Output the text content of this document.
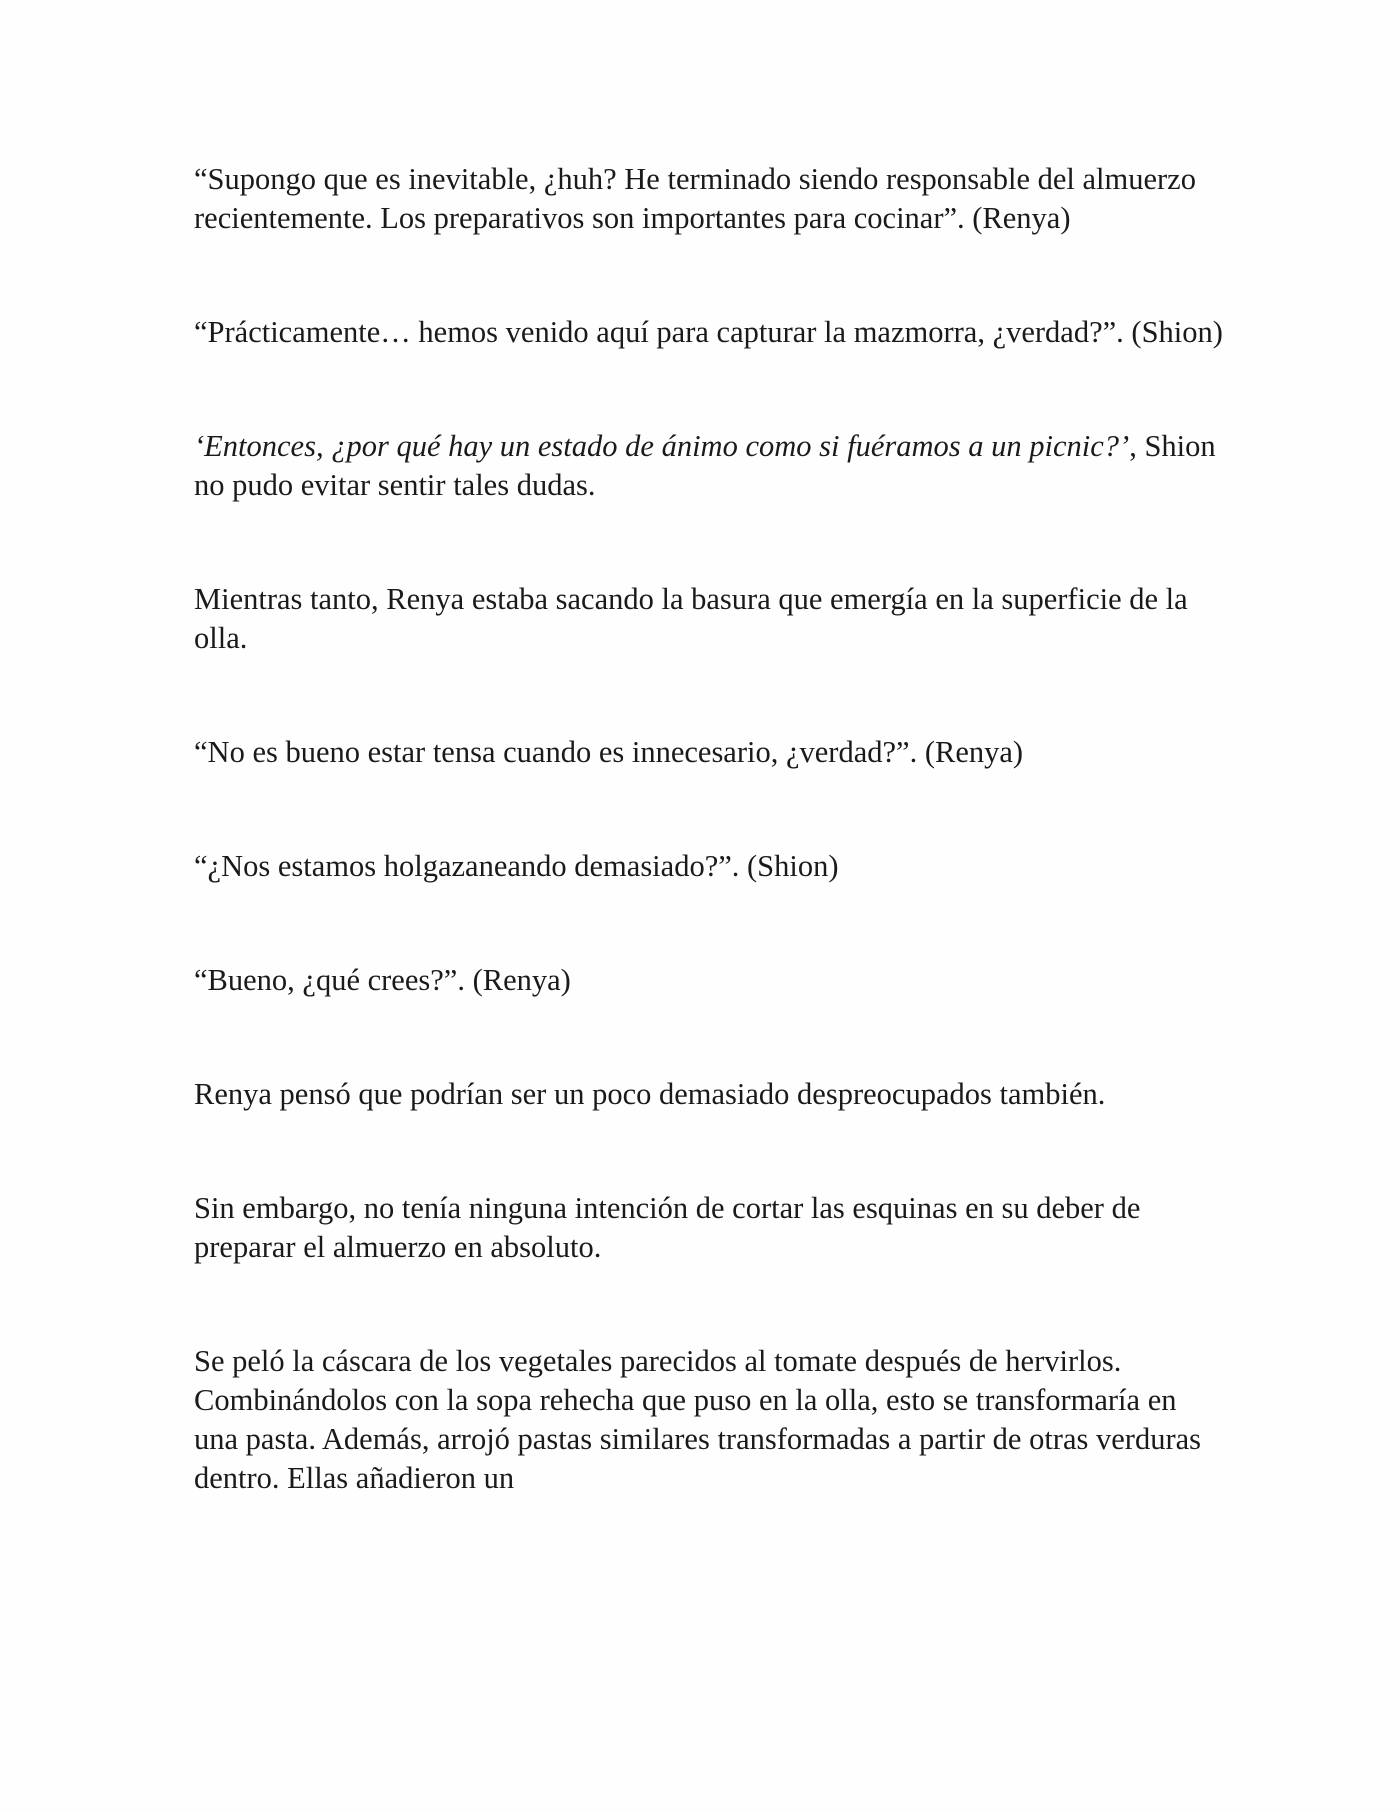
“Supongo que es inevitable, ¿huh? He terminado siendo responsable del almuerzo recientemente. Los preparativos son importantes para cocinar”. (Renya)

“Prácticamente… hemos venido aquí para capturar la mazmorra, ¿verdad?”. (Shion)

‘Entonces, ¿por qué hay un estado de ánimo como si fuéramos a un picnic?’, Shion no pudo evitar sentir tales dudas.

Mientras tanto, Renya estaba sacando la basura que emergía en la superficie de la olla.

“No es bueno estar tensa cuando es innecesario, ¿verdad?”. (Renya)

“¿Nos estamos holgazaneando demasiado?”. (Shion)

“Bueno, ¿qué crees?”. (Renya)

Renya pensó que podrían ser un poco demasiado despreocupados también.

Sin embargo, no tenía ninguna intención de cortar las esquinas en su deber de preparar el almuerzo en absoluto.

Se peló la cáscara de los vegetales parecidos al tomate después de hervirlos. Combinándolos con la sopa rehecha que puso en la olla, esto se transformaría en una pasta. Además, arrojó pastas similares transformadas a partir de otras verduras dentro. Ellas añadieron un
